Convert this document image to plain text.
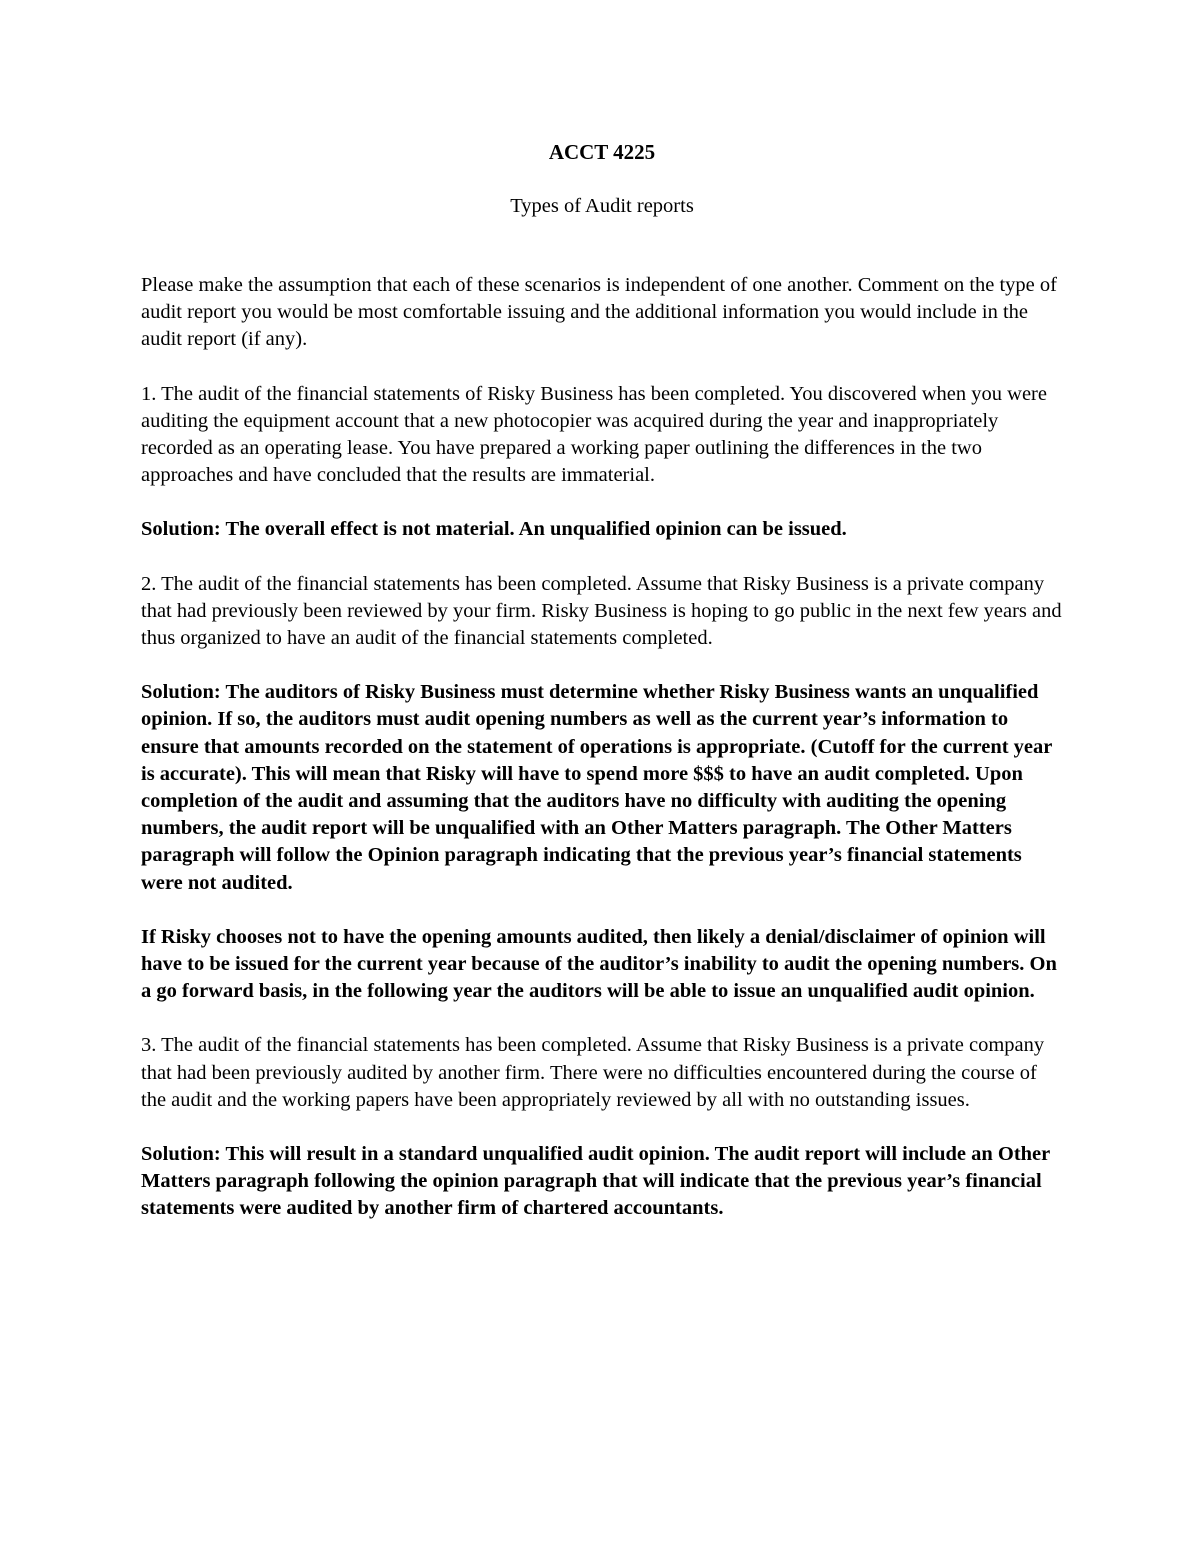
ACCT 4225
Types of Audit reports

Please make the assumption that each of these scenarios is independent of one another. Comment on the type of audit report you would be most comfortable issuing and the additional information you would include in the audit report (if any).

1. The audit of the financial statements of Risky Business has been completed. You discovered when you were auditing the equipment account that a new photocopier was acquired during the year and inappropriately recorded as an operating lease. You have prepared a working paper outlining the differences in the two approaches and have concluded that the results are immaterial.

Solution: The overall effect is not material. An unqualified opinion can be issued.

2. The audit of the financial statements has been completed. Assume that Risky Business is a private company that had previously been reviewed by your firm. Risky Business is hoping to go public in the next few years and thus organized to have an audit of the financial statements completed.

Solution: The auditors of Risky Business must determine whether Risky Business wants an unqualified opinion. If so, the auditors must audit opening numbers as well as the current year’s information to ensure that amounts recorded on the statement of operations is appropriate. (Cutoff for the current year is accurate). This will mean that Risky will have to spend more $$$ to have an audit completed. Upon completion of the audit and assuming that the auditors have no difficulty with auditing the opening numbers, the audit report will be unqualified with an Other Matters paragraph. The Other Matters paragraph will follow the Opinion paragraph indicating that the previous year’s financial statements were not audited.

If Risky chooses not to have the opening amounts audited, then likely a denial/disclaimer of opinion will have to be issued for the current year because of the auditor’s inability to audit the opening numbers. On a go forward basis, in the following year the auditors will be able to issue an unqualified audit opinion.

3. The audit of the financial statements has been completed. Assume that Risky Business is a private company that had been previously audited by another firm. There were no difficulties encountered during the course of the audit and the working papers have been appropriately reviewed by all with no outstanding issues.

Solution: This will result in a standard unqualified audit opinion. The audit report will include an Other Matters paragraph following the opinion paragraph that will indicate that the previous year’s financial statements were audited by another firm of chartered accountants.
